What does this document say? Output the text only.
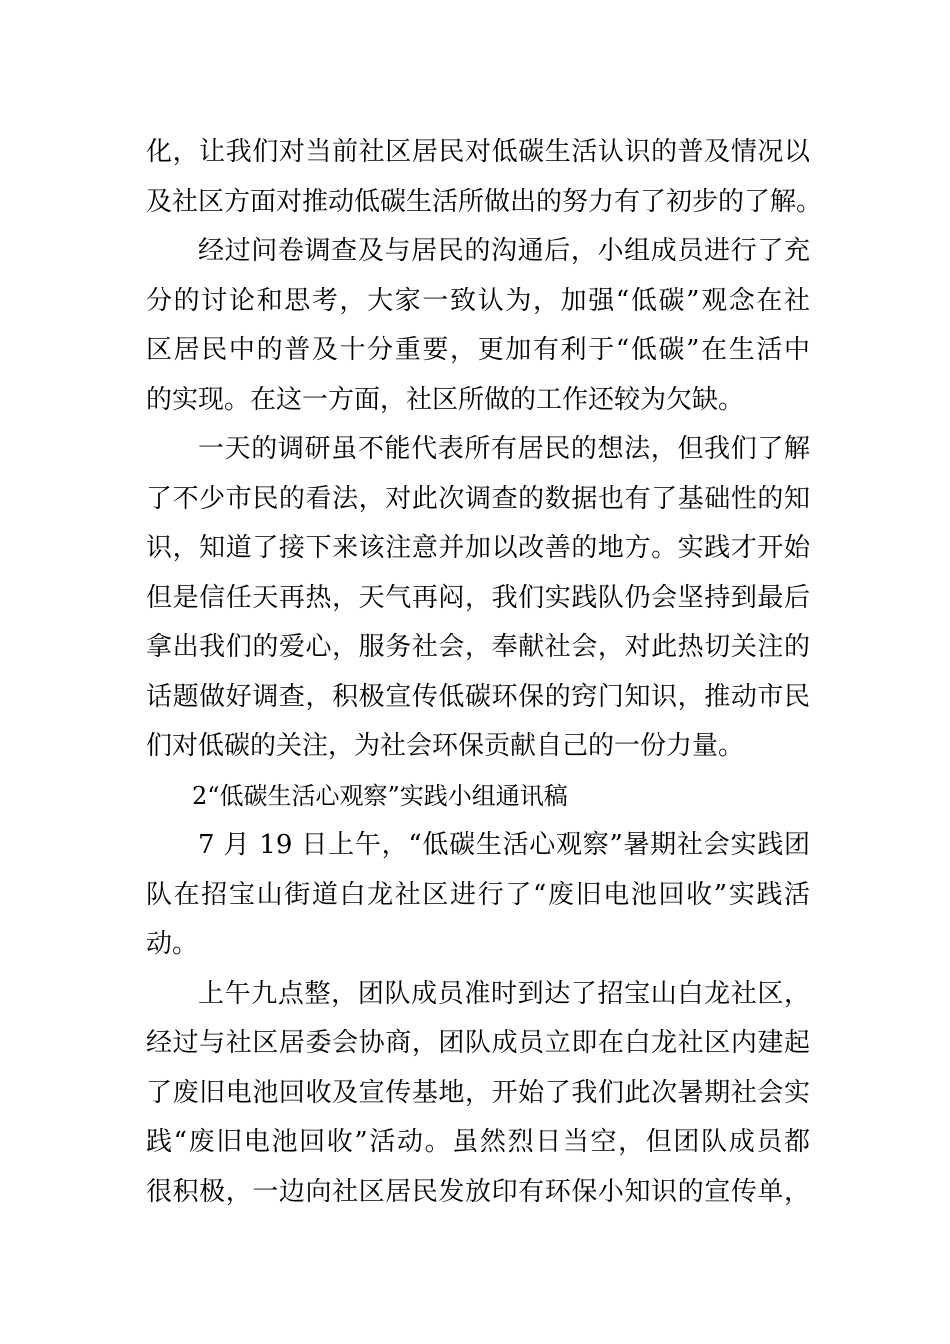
化，让我们对当前社区居民对低碳生活认识的普及情况以
及社区方面对推动低碳生活所做出的努力有了初步的了解。
经过问卷调查及与居民的沟通后，小组成员进行了充
分的讨论和思考，大家一致认为，加强“低碳”观念在社
区居民中的普及十分重要，更加有利于“低碳”在生活中
的实现。在这一方面，社区所做的工作还较为欠缺。
一天的调研虽不能代表所有居民的想法，但我们了解
了不少市民的看法，对此次调查的数据也有了基础性的知
识，知道了接下来该注意并加以改善的地方。实践才开始
但是信任天再热，天气再闷，我们实践队仍会坚持到最后
拿出我们的爱心，服务社会，奉献社会，对此热切关注的
话题做好调查，积极宣传低碳环保的窍门知识，推动市民
们对低碳的关注，为社会环保贡献自己的一份力量。
2“低碳生活心观察”实践小组通讯稿
7 月 19 日上午，“低碳生活心观察”暑期社会实践团
队在招宝山街道白龙社区进行了“废旧电池回收”实践活
动。
上午九点整，团队成员准时到达了招宝山白龙社区，
经过与社区居委会协商，团队成员立即在白龙社区内建起
了废旧电池回收及宣传基地，开始了我们此次暑期社会实
践“废旧电池回收”活动。虽然烈日当空，但团队成员都
很积极，一边向社区居民发放印有环保小知识的宣传单，
